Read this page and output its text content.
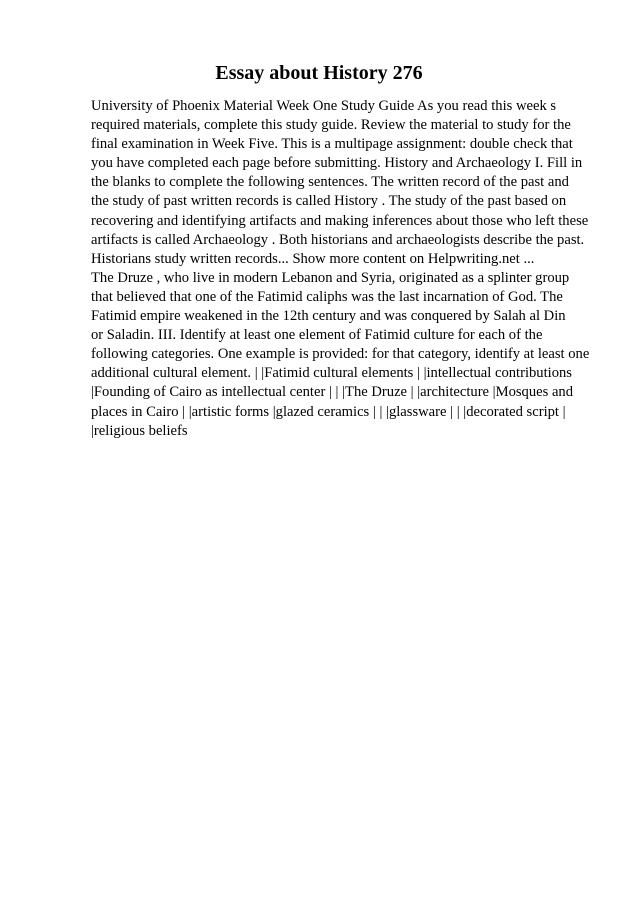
Essay about History 276
University of Phoenix Material Week One Study Guide As you read this week s
required materials, complete this study guide. Review the material to study for the
final examination in Week Five. This is a multipage assignment: double check that
you have completed each page before submitting. History and Archaeology I. Fill in
the blanks to complete the following sentences. The written record of the past and
the study of past written records is called History . The study of the past based on
recovering and identifying artifacts and making inferences about those who left these
artifacts is called Archaeology . Both historians and archaeologists describe the past.
Historians study written records... Show more content on Helpwriting.net ...
The Druze , who live in modern Lebanon and Syria, originated as a splinter group
that believed that one of the Fatimid caliphs was the last incarnation of God. The
Fatimid empire weakened in the 12th century and was conquered by Salah al Din
or Saladin. III. Identify at least one element of Fatimid culture for each of the
following categories. One example is provided: for that category, identify at least one
additional cultural element. | |Fatimid cultural elements | |intellectual contributions
|Founding of Cairo as intellectual center | | |The Druze | |architecture |Mosques and
places in Cairo | |artistic forms |glazed ceramics | | |glassware | | |decorated script |
|religious beliefs
